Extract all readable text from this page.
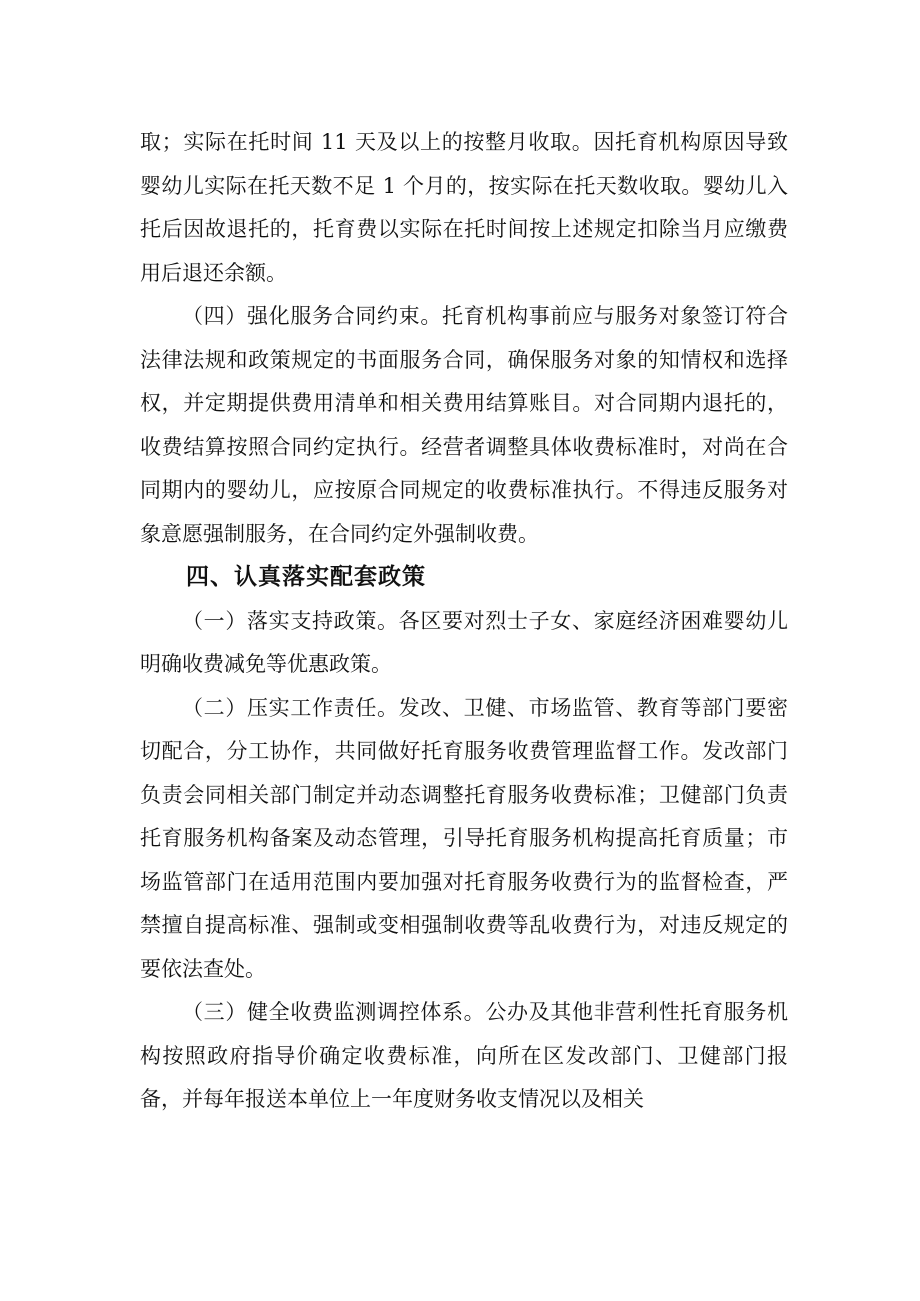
取；实际在托时间 11 天及以上的按整月收取。因托育机构原因导致婴幼儿实际在托天数不足 1 个月的，按实际在托天数收取。婴幼儿入托后因故退托的，托育费以实际在托时间按上述规定扣除当月应缴费用后退还余额。

（四）强化服务合同约束。托育机构事前应与服务对象签订符合法律法规和政策规定的书面服务合同，确保服务对象的知情权和选择权，并定期提供费用清单和相关费用结算账目。对合同期内退托的，收费结算按照合同约定执行。经营者调整具体收费标准时，对尚在合同期内的婴幼儿，应按原合同规定的收费标准执行。不得违反服务对象意愿强制服务，在合同约定外强制收费。

四、认真落实配套政策

（一）落实支持政策。各区要对烈士子女、家庭经济困难婴幼儿明确收费减免等优惠政策。

（二）压实工作责任。发改、卫健、市场监管、教育等部门要密切配合，分工协作，共同做好托育服务收费管理监督工作。发改部门负责会同相关部门制定并动态调整托育服务收费标准；卫健部门负责托育服务机构备案及动态管理，引导托育服务机构提高托育质量；市场监管部门在适用范围内要加强对托育服务收费行为的监督检查，严禁擅自提高标准、强制或变相强制收费等乱收费行为，对违反规定的要依法查处。

（三）健全收费监测调控体系。公办及其他非营利性托育服务机构按照政府指导价确定收费标准，向所在区发改部门、卫健部门报备，并每年报送本单位上一年度财务收支情况以及相关
